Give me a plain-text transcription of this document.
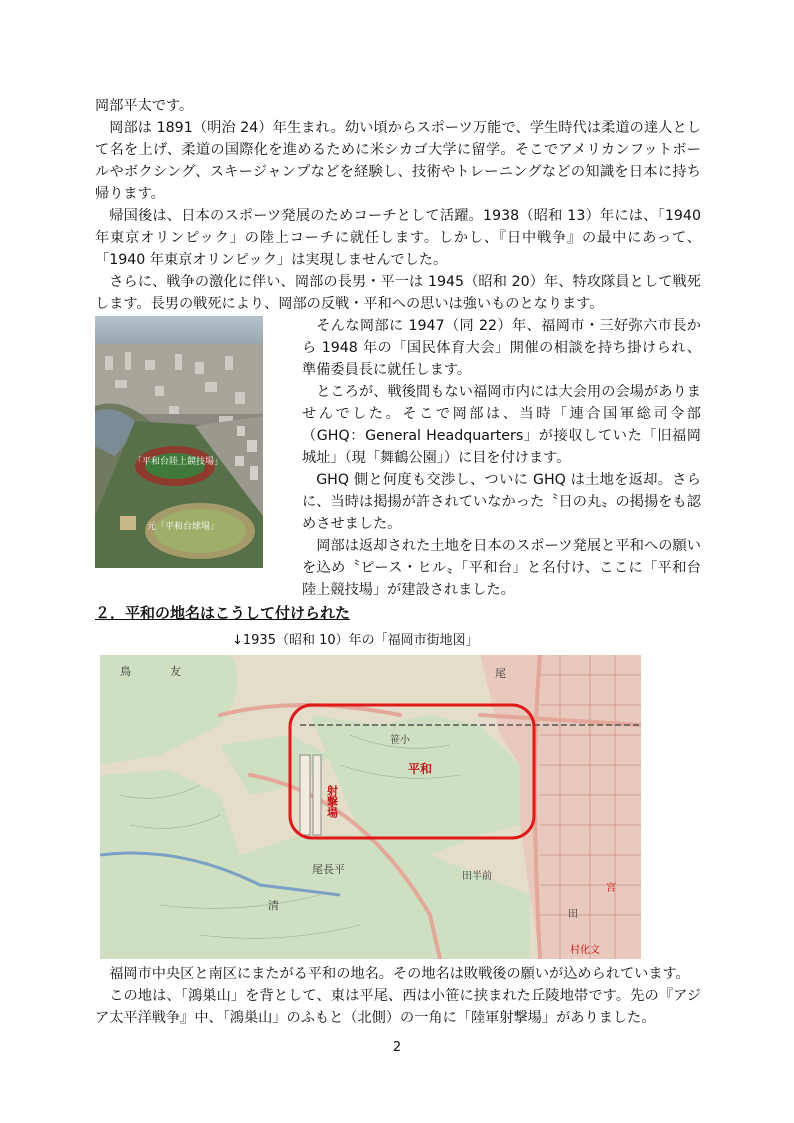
岡部平太です。

岡部は 1891（明治 24）年生まれ。幼い頃からスポーツ万能で、学生時代は柔道の達人として名を上げ、柔道の国際化を進めるために米シカゴ大学に留学。そこでアメリカンフットボールやボクシング、スキージャンプなどを経験し、技術やトレーニングなどの知識を日本に持ち帰ります。

帰国後は、日本のスポーツ発展のためコーチとして活躍。1938（昭和 13）年には、「1940 年東京オリンピック」の陸上コーチに就任します。しかし、『日中戦争』の最中にあって、「1940 年東京オリンピック」は実現しませんでした。

さらに、戦争の激化に伴い、岡部の長男・平一は 1945（昭和 20）年、特攻隊員として戦死します。長男の戦死により、岡部の反戦・平和への思いは強いものとなります。

そんな岡部に 1947（同 22）年、福岡市・三好弥六市長から 1948 年の「国民体育大会」開催の相談を持ち掛けられ、準備委員長に就任します。

ところが、戦後間もない福岡市内には大会用の会場がありませんでした。そこで岡部は、当時「連合国軍総司令部（GHQ：General Headquarters」が接収していた「旧福岡城址」（現「舞鶴公園」）に目を付けます。

GHQ 側と何度も交渉し、ついに GHQ は土地を返却。さらに、当時は掲揚が許されていなかった〝日の丸〟の掲揚をも認めさせました。

岡部は返却された土地を日本のスポーツ発展と平和への願いを込め〝ピース・ヒル〟「平和台」と名付け、ここに「平和台陸上競技場」が建設されました。

「平和台陸上競技場」
元「平和台球場」
２．平和の地名はこうして付けられた

↓1935（昭和 10）年の「福岡市街地図」

平和
射撃場
笹小
尾長平
尾
田半前
清
鳥	友
宮
村化文
田

福岡市中央区と南区にまたがる平和の地名。その地名は敗戦後の願いが込められています。

この地は、「鴻巣山」を背として、東は平尾、西は小笹に挟まれた丘陵地帯です。先の『アジア太平洋戦争』中、「鴻巣山」のふもと（北側）の一角に「陸軍射撃場」がありました。

2
